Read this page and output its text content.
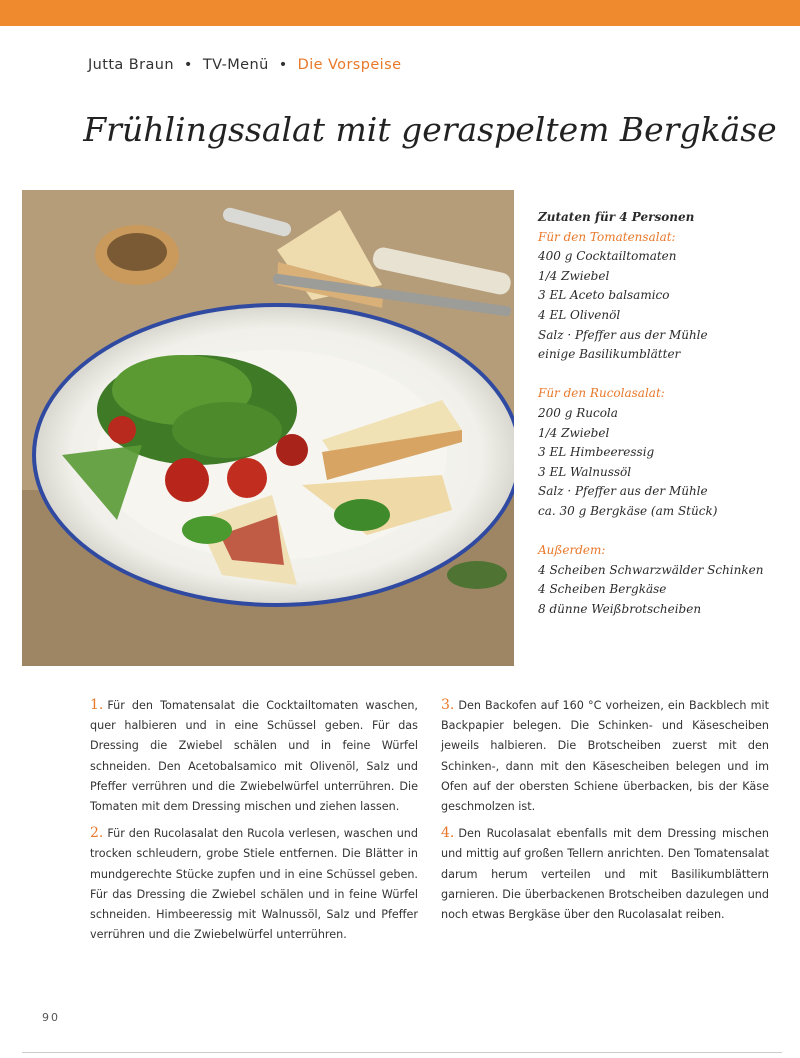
Jutta Braun • TV-Menü • Die Vorspeise
Frühlingssalat mit geraspeltem Bergkäse
Zutaten für 4 Personen
Für den Tomatensalat:
400 g Cocktailtomaten
1/4 Zwiebel
3 EL Aceto balsamico
4 EL Olivenöl
Salz · Pfeffer aus der Mühle
einige Basilikumblätter
Für den Rucolasalat:
200 g Rucola
1/4 Zwiebel
3 EL Himbeeressig
3 EL Walnussöl
Salz · Pfeffer aus der Mühle
ca. 30 g Bergkäse (am Stück)
Außerdem:
4 Scheiben Schwarzwälder Schinken
4 Scheiben Bergkäse
8 dünne Weißbrotscheiben

1. Für den Tomatensalat die Cocktailtomaten waschen, quer halbieren und in eine Schüssel geben. Für das Dressing die Zwiebel schälen und in feine Würfel schneiden. Den Acetobalsamico mit Olivenöl, Salz und Pfeffer verrühren und die Zwiebelwürfel unterrühren. Die Tomaten mit dem Dressing mischen und ziehen lassen.

2. Für den Rucolasalat den Rucola verlesen, waschen und trocken schleudern, grobe Stiele entfernen. Die Blätter in mundgerechte Stücke zupfen und in eine Schüssel geben. Für das Dressing die Zwiebel schälen und in feine Würfel schneiden. Himbeeressig mit Walnussöl, Salz und Pfeffer verrühren und die Zwiebelwürfel unterrühren.

3. Den Backofen auf 160 °C vorheizen, ein Backblech mit Backpapier belegen. Die Schinken- und Käsescheiben jeweils halbieren. Die Brotscheiben zuerst mit den Schinken-, dann mit den Käsescheiben belegen und im Ofen auf der obersten Schiene überbacken, bis der Käse geschmolzen ist.

4. Den Rucolasalat ebenfalls mit dem Dressing mischen und mittig auf großen Tellern anrichten. Den Tomatensalat darum herum verteilen und mit Basilikumblättern garnieren. Die überbackenen Brotscheiben dazulegen und noch etwas Bergkäse über den Rucolasalat reiben.

90
